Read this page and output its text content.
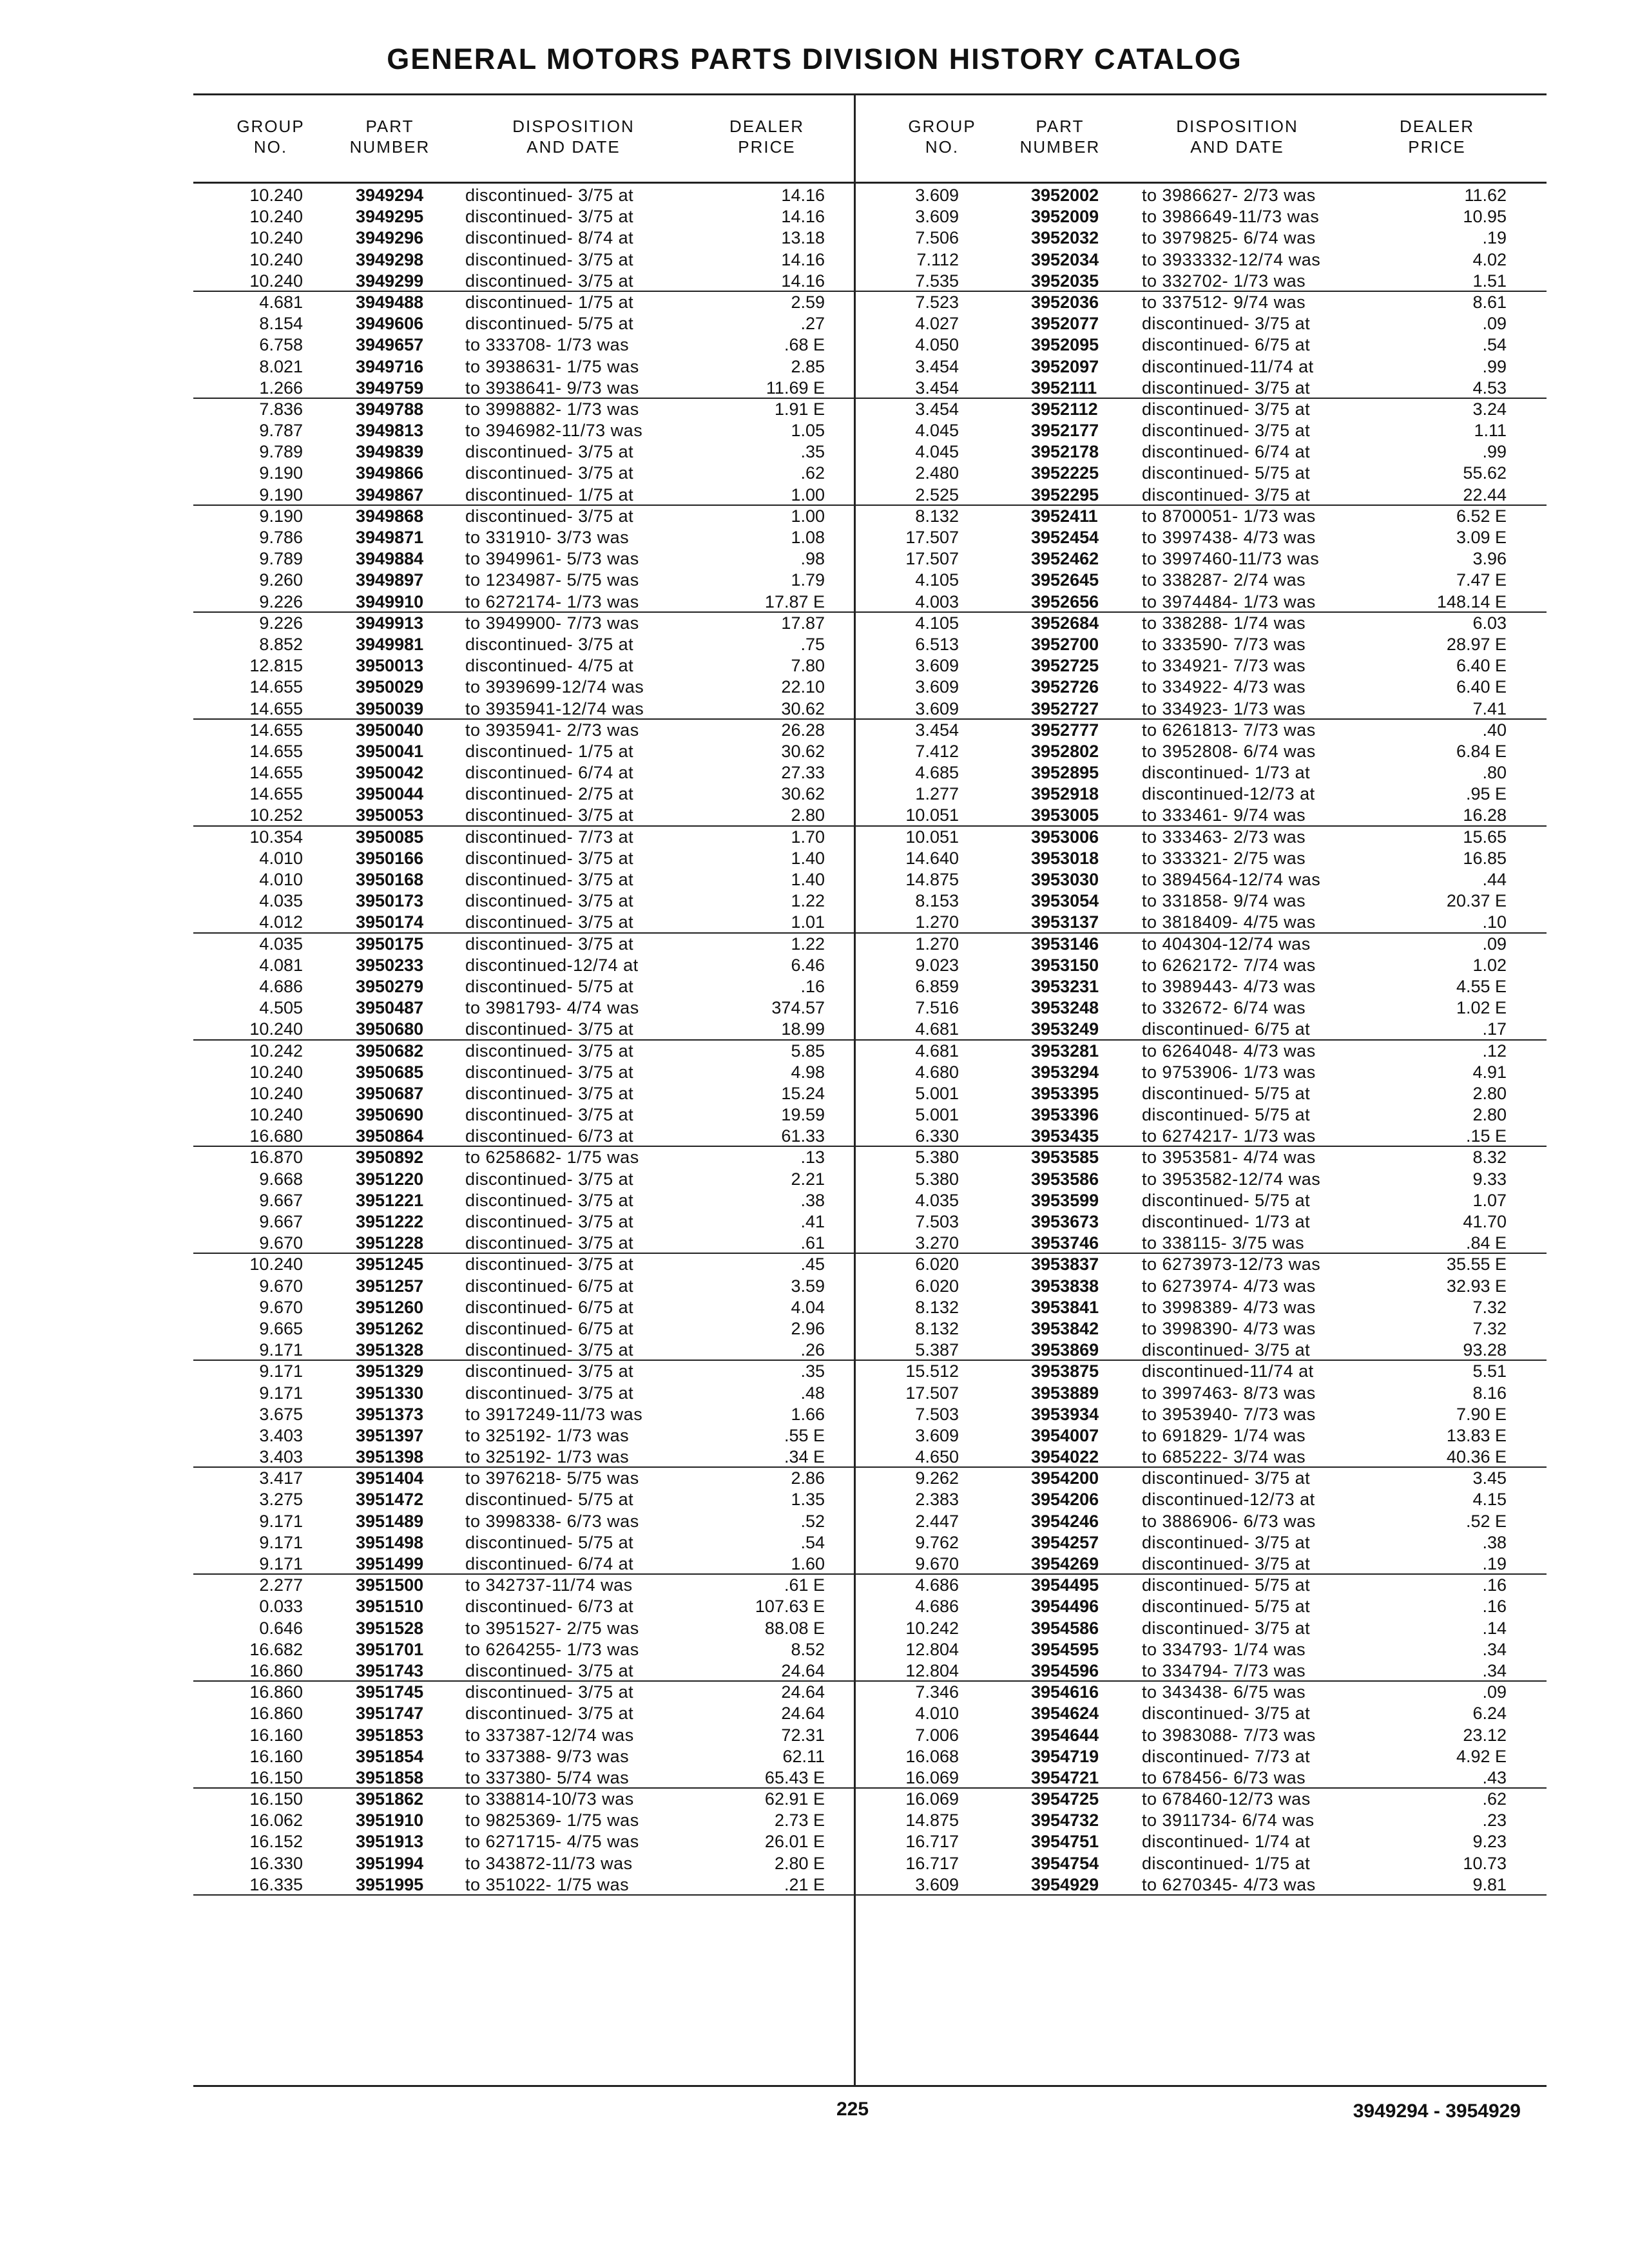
GENERAL MOTORS PARTS DIVISION HISTORY CATALOG
GROUP
NO.
PART
NUMBER
DISPOSITION
AND DATE
DEALER
PRICE
GROUP
NO.
PART
NUMBER
DISPOSITION
AND DATE
DEALER
PRICE
10.240	3949294 discontinued- 3/75 at	14.16
10.240	3949295 discontinued- 3/75 at	14.16
10.240	3949296 discontinued- 8/74 at	13.18
10.240	3949298 discontinued- 3/75 at	14.16
10.240	3949299 discontinued- 3/75 at	14.16
4.681	3949488 discontinued- 1/75 at	2.59
8.154	3949606 discontinued- 5/75 at	.27
6.758	3949657 to 333708- 1/73 was	.68 E
8.021	3949716 to 3938631- 1/75 was	2.85
1.266	3949759 to 3938641- 9/73 was	11.69 E
7.836	3949788 to 3998882- 1/73 was	1.91 E
9.787	3949813 to 3946982-11/73 was	1.05
9.789	3949839 discontinued- 3/75 at	.35
9.190	3949866 discontinued- 3/75 at	.62
9.190	3949867 discontinued- 1/75 at	1.00
9.190	3949868 discontinued- 3/75 at	1.00
9.786	3949871 to 331910- 3/73 was	1.08
9.789	3949884 to 3949961- 5/73 was	.98
9.260	3949897 to 1234987- 5/75 was	1.79
9.226	3949910 to 6272174- 1/73 was	17.87 E
9.226	3949913 to 3949900- 7/73 was	17.87
8.852	3949981 discontinued- 3/75 at	.75
12.815	3950013 discontinued- 4/75 at	7.80
14.655	3950029 to 3939699-12/74 was	22.10
14.655	3950039 to 3935941-12/74 was	30.62
14.655	3950040 to 3935941- 2/73 was	26.28
14.655	3950041 discontinued- 1/75 at	30.62
14.655	3950042 discontinued- 6/74 at	27.33
14.655	3950044 discontinued- 2/75 at	30.62
10.252	3950053 discontinued- 3/75 at	2.80
10.354	3950085 discontinued- 7/73 at	1.70
4.010	3950166 discontinued- 3/75 at	1.40
4.010	3950168 discontinued- 3/75 at	1.40
4.035	3950173 discontinued- 3/75 at	1.22
4.012	3950174 discontinued- 3/75 at	1.01
4.035	3950175 discontinued- 3/75 at	1.22
4.081	3950233 discontinued-12/74 at	6.46
4.686	3950279 discontinued- 5/75 at	.16
4.505	3950487 to 3981793- 4/74 was	374.57
10.240	3950680 discontinued- 3/75 at	18.99
10.242	3950682 discontinued- 3/75 at	5.85
10.240	3950685 discontinued- 3/75 at	4.98
10.240	3950687 discontinued- 3/75 at	15.24
10.240	3950690 discontinued- 3/75 at	19.59
16.680	3950864 discontinued- 6/73 at	61.33
16.870	3950892 to 6258682- 1/75 was	.13
9.668	3951220 discontinued- 3/75 at	2.21
9.667	3951221 discontinued- 3/75 at	.38
9.667	3951222 discontinued- 3/75 at	.41
9.670	3951228 discontinued- 3/75 at	.61
10.240	3951245 discontinued- 3/75 at	.45
9.670	3951257 discontinued- 6/75 at	3.59
9.670	3951260 discontinued- 6/75 at	4.04
9.665	3951262 discontinued- 6/75 at	2.96
9.171	3951328 discontinued- 3/75 at	.26
9.171	3951329 discontinued- 3/75 at	.35
9.171	3951330 discontinued- 3/75 at	.48
3.675	3951373 to 3917249-11/73 was	1.66
3.403	3951397 to 325192- 1/73 was	.55 E
3.403	3951398 to 325192- 1/73 was	.34 E
3.417	3951404 to 3976218- 5/75 was	2.86
3.275	3951472 discontinued- 5/75 at	1.35
9.171	3951489 to 3998338- 6/73 was	.52
9.171	3951498 discontinued- 5/75 at	.54
9.171	3951499 discontinued- 6/74 at	1.60
2.277	3951500 to 342737-11/74 was	.61 E
0.033	3951510 discontinued- 6/73 at	107.63 E
0.646	3951528 to 3951527- 2/75 was	88.08 E
16.682	3951701 to 6264255- 1/73 was	8.52
16.860	3951743 discontinued- 3/75 at	24.64
16.860	3951745 discontinued- 3/75 at	24.64
16.860	3951747 discontinued- 3/75 at	24.64
16.160	3951853 to 337387-12/74 was	72.31
16.160	3951854 to 337388- 9/73 was	62.11
16.150	3951858 to 337380- 5/74 was	65.43 E
16.150	3951862 to 338814-10/73 was	62.91 E
16.062	3951910 to 9825369- 1/75 was	2.73 E
16.152	3951913 to 6271715- 4/75 was	26.01 E
16.330	3951994 to 343872-11/73 was	2.80 E
16.335	3951995 to 351022- 1/75 was	.21 E
3.609	3952002 to 3986627- 2/73 was	11.62
3.609	3952009 to 3986649-11/73 was	10.95
7.506	3952032 to 3979825- 6/74 was	.19
7.112	3952034 to 3933332-12/74 was	4.02
7.535	3952035 to 332702- 1/73 was	1.51
7.523	3952036 to 337512- 9/74 was	8.61
4.027	3952077 discontinued- 3/75 at	.09
4.050	3952095 discontinued- 6/75 at	.54
3.454	3952097 discontinued-11/74 at	.99
3.454	3952111	discontinued- 3/75 at	4.53
3.454	3952112	discontinued- 3/75 at	3.24
4.045	3952177 discontinued- 3/75 at	1.11
4.045	3952178 discontinued- 6/74 at	.99
2.480	3952225 discontinued- 5/75 at	55.62
2.525	3952295 discontinued- 3/75 at	22.44
8.132	3952411	to 8700051- 1/73 was	6.52 E
17.507	3952454 to 3997438- 4/73 was	3.09 E
17.507	3952462 to 3997460-11/73 was	3.96
4.105	3952645 to 338287- 2/74 was	7.47 E
4.003	3952656 to 3974484- 1/73 was	148.14 E
4.105	3952684 to 338288- 1/74 was	6.03
6.513	3952700 to 333590- 7/73 was	28.97 E
3.609	3952725 to 334921- 7/73 was	6.40 E
3.609	3952726 to 334922- 4/73 was	6.40 E
3.609	3952727 to 334923- 1/73 was	7.41
3.454	3952777 to 6261813- 7/73 was	.40
7.412	3952802 to 3952808- 6/74 was	6.84 E
4.685	3952895 discontinued- 1/73 at	.80
1.277	3952918 discontinued-12/73 at	.95 E
10.051	3953005 to 333461- 9/74 was	16.28
10.051	3953006 to 333463- 2/73 was	15.65
14.640	3953018 to 333321- 2/75 was	16.85
14.875	3953030 to 3894564-12/74 was	.44
8.153	3953054 to 331858- 9/74 was	20.37 E
1.270	3953137 to 3818409- 4/75 was	.10
1.270	3953146 to 404304-12/74 was	.09
9.023	3953150 to 6262172- 7/74 was	1.02
6.859	3953231 to 3989443- 4/73 was	4.55 E
7.516	3953248 to 332672- 6/74 was	1.02 E
4.681	3953249 discontinued- 6/75 at	.17
4.681	3953281 to 6264048- 4/73 was	.12
4.680	3953294 to 9753906- 1/73 was	4.91
5.001	3953395 discontinued- 5/75 at	2.80
5.001	3953396 discontinued- 5/75 at	2.80
6.330	3953435 to 6274217- 1/73 was	.15 E
5.380	3953585 to 3953581- 4/74 was	8.32
5.380	3953586 to 3953582-12/74 was	9.33
4.035	3953599 discontinued- 5/75 at	1.07
7.503	3953673 discontinued- 1/73 at	41.70
3.270	3953746 to 338115- 3/75 was	.84 E
6.020	3953837 to 6273973-12/73 was	35.55 E
6.020	3953838 to 6273974- 4/73 was	32.93 E
8.132	3953841 to 3998389- 4/73 was	7.32
8.132	3953842 to 3998390- 4/73 was	7.32
5.387	3953869 discontinued- 3/75 at	93.28
15.512	3953875 discontinued-11/74 at	5.51
17.507	3953889 to 3997463- 8/73 was	8.16
7.503	3953934 to 3953940- 7/73 was	7.90 E
3.609	3954007 to 691829- 1/74 was	13.83 E
4.650	3954022 to 685222- 3/74 was	40.36 E
9.262	3954200 discontinued- 3/75 at	3.45
2.383	3954206 discontinued-12/73 at	4.15
2.447	3954246 to 3886906- 6/73 was	.52 E
9.762	3954257 discontinued- 3/75 at	.38
9.670	3954269 discontinued- 3/75 at	.19
4.686	3954495 discontinued- 5/75 at	.16
4.686	3954496 discontinued- 5/75 at	.16
10.242	3954586 discontinued- 3/75 at	.14
12.804	3954595 to 334793- 1/74 was	.34
12.804	3954596 to 334794- 7/73 was	.34
7.346	3954616 to 343438- 6/75 was	.09
4.010	3954624 discontinued- 3/75 at	6.24
7.006	3954644 to 3983088- 7/73 was	23.12
16.068	3954719 discontinued- 7/73 at	4.92 E
16.069	3954721 to 678456- 6/73 was	.43
16.069	3954725 to 678460-12/73 was	.62
14.875	3954732 to 3911734- 6/74 was	.23
16.717	3954751 discontinued- 1/74 at	9.23
16.717	3954754 discontinued- 1/75 at	10.73
3.609	3954929 to 6270345- 4/73 was	9.81
225	3949294 - 3954929
